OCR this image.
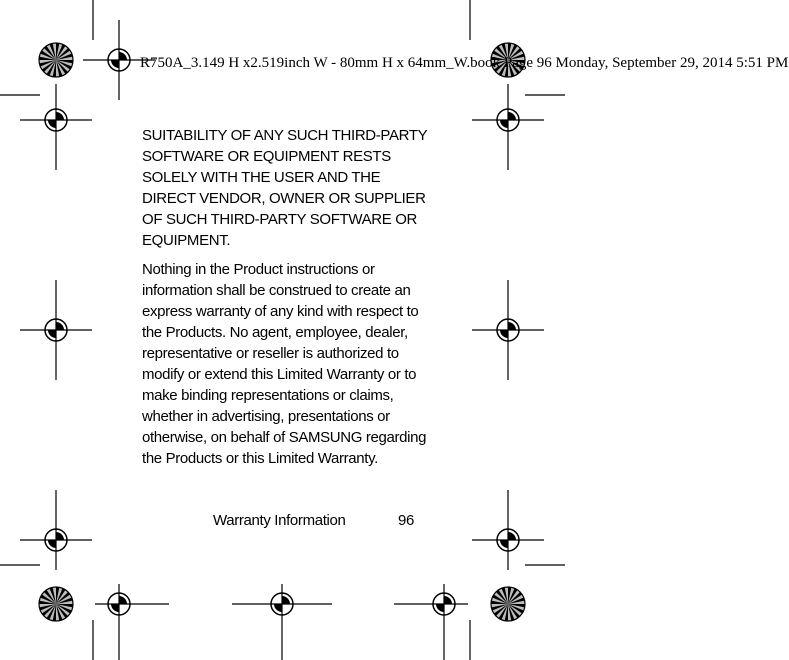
R750A_3.149 H x2.519inch W - 80mm H x 64mm_W.book Page 96 Monday, September 29, 2014 5:51 PM

SUITABILITY OF ANY SUCH THIRD-PARTY SOFTWARE OR EQUIPMENT RESTS SOLELY WITH THE USER AND THE DIRECT VENDOR, OWNER OR SUPPLIER OF SUCH THIRD-PARTY SOFTWARE OR EQUIPMENT.

Nothing in the Product instructions or information shall be construed to create an express warranty of any kind with respect to the Products. No agent, employee, dealer, representative or reseller is authorized to modify or extend this Limited Warranty or to make binding representations or claims, whether in advertising, presentations or otherwise, on behalf of SAMSUNG regarding the Products or this Limited Warranty.

Warranty Information	96
